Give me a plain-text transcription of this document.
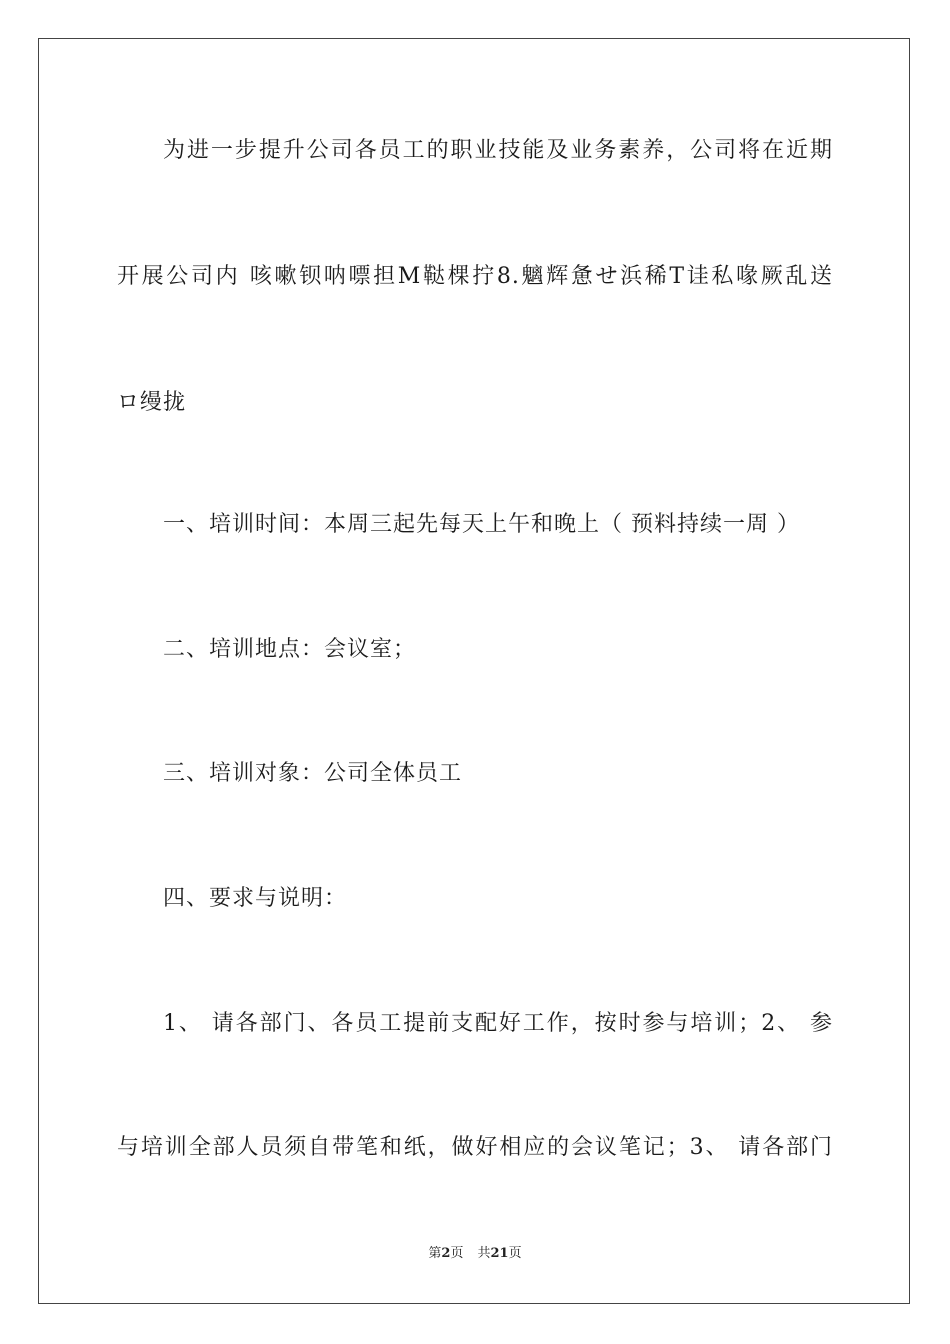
为进一步提升公司各员工的职业技能及业务素养，公司将在近期
开展公司内 咳嗽钡呐嘌担M鞑棵拧8.魑辉惫せ浜稀T诖私喙厥乱送
ロ缦拢
一、培训时间：本周三起先每天上午和晚上（ 预料持续一周 ）
二、培训地点：会议室；
三、培训对象：公司全体员工
四、要求与说明：
1、 请各部门、各员工提前支配好工作，按时参与培训；2、 参
与培训全部人员须自带笔和纸，做好相应的会议笔记；3、 请各部门
第2页 共21页
